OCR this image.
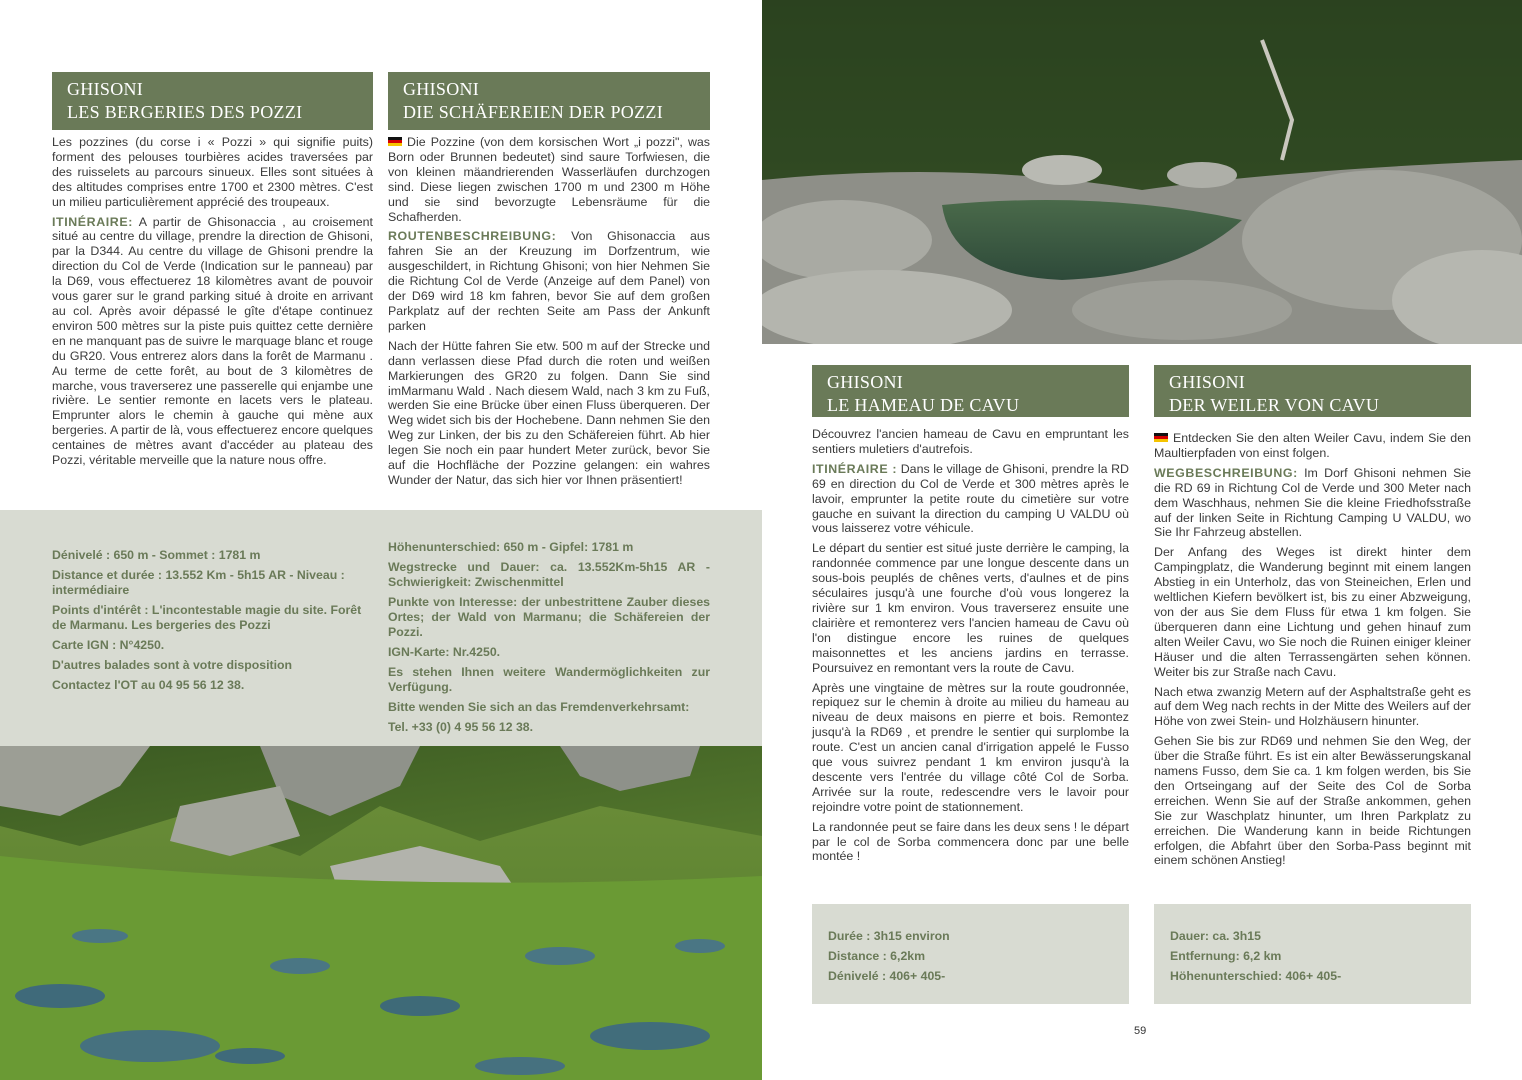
GHISONI
LES BERGERIES DES POZZI
GHISONI
DIE SCHÄFEREIEN DER POZZI

Les pozzines (du corse i « Pozzi » qui signifie puits) forment des pelouses tourbières acides traversées par des ruisselets au parcours sinueux. Elles sont situées à des altitudes comprises entre 1700 et 2300 mètres. C'est un milieu particulièrement apprécié des troupeaux.

ITINÉRAIRE: A partir de Ghisonaccia , au croisement situé au centre du village, prendre la direction de Ghisoni, par la D344. Au centre du village de Ghisoni prendre la direction du Col de Verde (Indication sur le panneau) par la D69, vous effectuerez 18 kilomètres avant de pouvoir vous garer sur le grand parking situé à droite en arrivant au col. Après avoir dépassé le gîte d'étape continuez environ 500 mètres sur la piste puis quittez cette dernière en ne manquant pas de suivre le marquage blanc et rouge du GR20. Vous entrerez alors dans la forêt de Marmanu . Au terme de cette forêt, au bout de 3 kilomètres de marche, vous traverserez une passerelle qui enjambe une rivière. Le sentier remonte en lacets vers le plateau. Emprunter alors le chemin à gauche qui mène aux bergeries. A partir de là, vous effectuerez encore quelques centaines de mètres avant d'accéder au plateau des Pozzi, véritable merveille que la nature nous offre.

Die Pozzine (von dem korsischen Wort „i pozzi", was Born oder Brunnen bedeutet) sind saure Torfwiesen, die von kleinen mäandrierenden Wasserläufen durchzogen sind. Diese liegen zwischen 1700 m und 2300 m Höhe und sie sind bevorzugte Lebensräume für die Schafherden.

ROUTENBESCHREIBUNG: Von Ghisonaccia aus fahren Sie an der Kreuzung im Dorfzentrum, wie ausgeschildert, in Richtung Ghisoni; von hier Nehmen Sie die Richtung Col de Verde (Anzeige auf dem Panel) von der D69 wird 18 km fahren, bevor Sie auf dem großen Parkplatz auf der rechten Seite am Pass der Ankunft parken

Nach der Hütte fahren Sie etw. 500 m auf der Strecke und dann verlassen diese Pfad durch die roten und weißen Markierungen des GR20 zu folgen. Dann Sie sind imMarmanu Wald . Nach diesem Wald, nach 3 km zu Fuß, werden Sie eine Brücke über einen Fluss überqueren. Der Weg widet sich bis der Hochebene. Dann nehmen Sie den Weg zur Linken, der bis zu den Schäfereien führt. Ab hier legen Sie noch ein paar hundert Meter zurück, bevor Sie auf die Hochfläche der Pozzine gelangen: ein wahres Wunder der Natur, das sich hier vor Ihnen präsentiert!

Dénivelé : 650 m - Sommet : 1781 m

Distance et durée : 13.552 Km - 5h15 AR - Niveau : intermédiaire

Points d'intérêt : L'incontestable magie du site. Forêt de Marmanu. Les bergeries des Pozzi

Carte IGN : N°4250.

D'autres balades sont à votre disposition

Contactez l'OT au 04 95 56 12 38.

Höhenunterschied: 650 m - Gipfel: 1781 m

Wegstrecke und Dauer: ca. 13.552Km-5h15 AR - Schwierigkeit: Zwischenmittel

Punkte von Interesse: der unbestrittene Zauber dieses Ortes; der Wald von Marmanu; die Schäfereien der Pozzi.

IGN-Karte: Nr.4250.

Es stehen Ihnen weitere Wandermöglichkeiten zur Verfügung.

Bitte wenden Sie sich an das Fremdenverkehrsamt:

Tel. +33 (0) 4 95 56 12 38.

GHISONI
LE HAMEAU DE CAVU
GHISONI
DER WEILER VON CAVU

Découvrez l'ancien hameau de Cavu en empruntant les sentiers muletiers d'autrefois.

ITINÉRAIRE : Dans le village de Ghisoni, prendre la RD 69 en direction du Col de Verde et 300 mètres après le lavoir, emprunter la petite route du cimetière sur votre gauche en suivant la direction du camping U VALDU où vous laisserez votre véhicule.

Le départ du sentier est situé juste derrière le camping, la randonnée commence par une longue descente dans un sous-bois peuplés de chênes verts, d'aulnes et de pins séculaires jusqu'à une fourche d'où vous longerez la rivière sur 1 km environ. Vous traverserez ensuite une clairière et remonterez vers l'ancien hameau de Cavu où l'on distingue encore les ruines de quelques maisonnettes et les anciens jardins en terrasse. Poursuivez en remontant vers la route de Cavu.

Après une vingtaine de mètres sur la route goudronnée, repiquez sur le chemin à droite au milieu du hameau au niveau de deux maisons en pierre et bois. Remontez jusqu'à la RD69 , et prendre le sentier qui surplombe la route. C'est un ancien canal d'irrigation appelé le Fusso que vous suivrez pendant 1 km environ jusqu'à la descente vers l'entrée du village côté Col de Sorba. Arrivée sur la route, redescendre vers le lavoir pour rejoindre votre point de stationnement.

La randonnée peut se faire dans les deux sens ! le départ par le col de Sorba commencera donc par une belle montée !

Entdecken Sie den alten Weiler Cavu, indem Sie den Maultierpfaden von einst folgen.

WEGBESCHREIBUNG: Im Dorf Ghisoni nehmen Sie die RD 69 in Richtung Col de Verde und 300 Meter nach dem Waschhaus, nehmen Sie die kleine Friedhofsstraße auf der linken Seite in Richtung Camping U VALDU, wo Sie Ihr Fahrzeug abstellen.

Der Anfang des Weges ist direkt hinter dem Campingplatz, die Wanderung beginnt mit einem langen Abstieg in ein Unterholz, das von Steineichen, Erlen und weltlichen Kiefern bevölkert ist, bis zu einer Abzweigung, von der aus Sie dem Fluss für etwa 1 km folgen. Sie überqueren dann eine Lichtung und gehen hinauf zum alten Weiler Cavu, wo Sie noch die Ruinen einiger kleiner Häuser und die alten Terrassengärten sehen können. Weiter bis zur Straße nach Cavu.

Nach etwa zwanzig Metern auf der Asphaltstraße geht es auf dem Weg nach rechts in der Mitte des Weilers auf der Höhe von zwei Stein- und Holzhäusern hinunter.

Gehen Sie bis zur RD69 und nehmen Sie den Weg, der über die Straße führt. Es ist ein alter Bewässerungskanal namens Fusso, dem Sie ca. 1 km folgen werden, bis Sie den Ortseingang auf der Seite des Col de Sorba erreichen. Wenn Sie auf der Straße ankommen, gehen Sie zur Waschplatz hinunter, um Ihren Parkplatz zu erreichen. Die Wanderung kann in beide Richtungen erfolgen, die Abfahrt über den Sorba-Pass beginnt mit einem schönen Anstieg!

Durée : 3h15 environ

Distance : 6,2km

Dénivelé : 406+ 405-

Dauer: ca. 3h15

Entfernung: 6,2 km

Höhenunterschied: 406+ 405-

59
